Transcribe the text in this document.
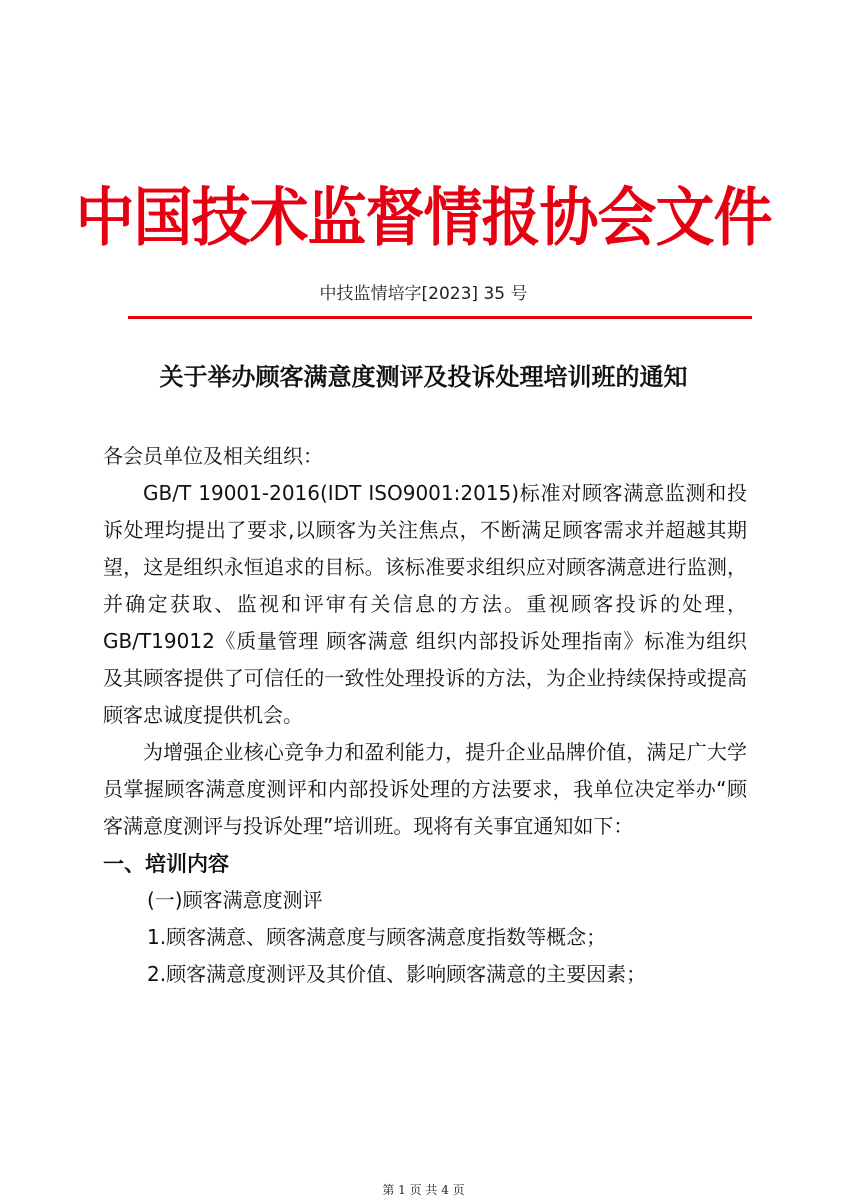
中国技术监督情报协会文件
中技监情培字[2023] 35 号
关于举办顾客满意度测评及投诉处理培训班的通知
各会员单位及相关组织：

GB/T 19001-2016(IDT ISO9001:2015)标准对顾客满意监测和投诉处理均提出了要求,以顾客为关注焦点，不断满足顾客需求并超越其期望，这是组织永恒追求的目标。该标准要求组织应对顾客满意进行监测，并确定获取、监视和评审有关信息的方法。重视顾客投诉的处理，GB/T19012《质量管理 顾客满意 组织内部投诉处理指南》标准为组织及其顾客提供了可信任的一致性处理投诉的方法，为企业持续保持或提高顾客忠诚度提供机会。

为增强企业核心竞争力和盈利能力，提升企业品牌价值，满足广大学员掌握顾客满意度测评和内部投诉处理的方法要求，我单位决定举办“顾客满意度测评与投诉处理”培训班。现将有关事宜通知如下：

一、培训内容

(一)顾客满意度测评

1.顾客满意、顾客满意度与顾客满意度指数等概念；

2.顾客满意度测评及其价值、影响顾客满意的主要因素；

第 1 页 共 4 页
